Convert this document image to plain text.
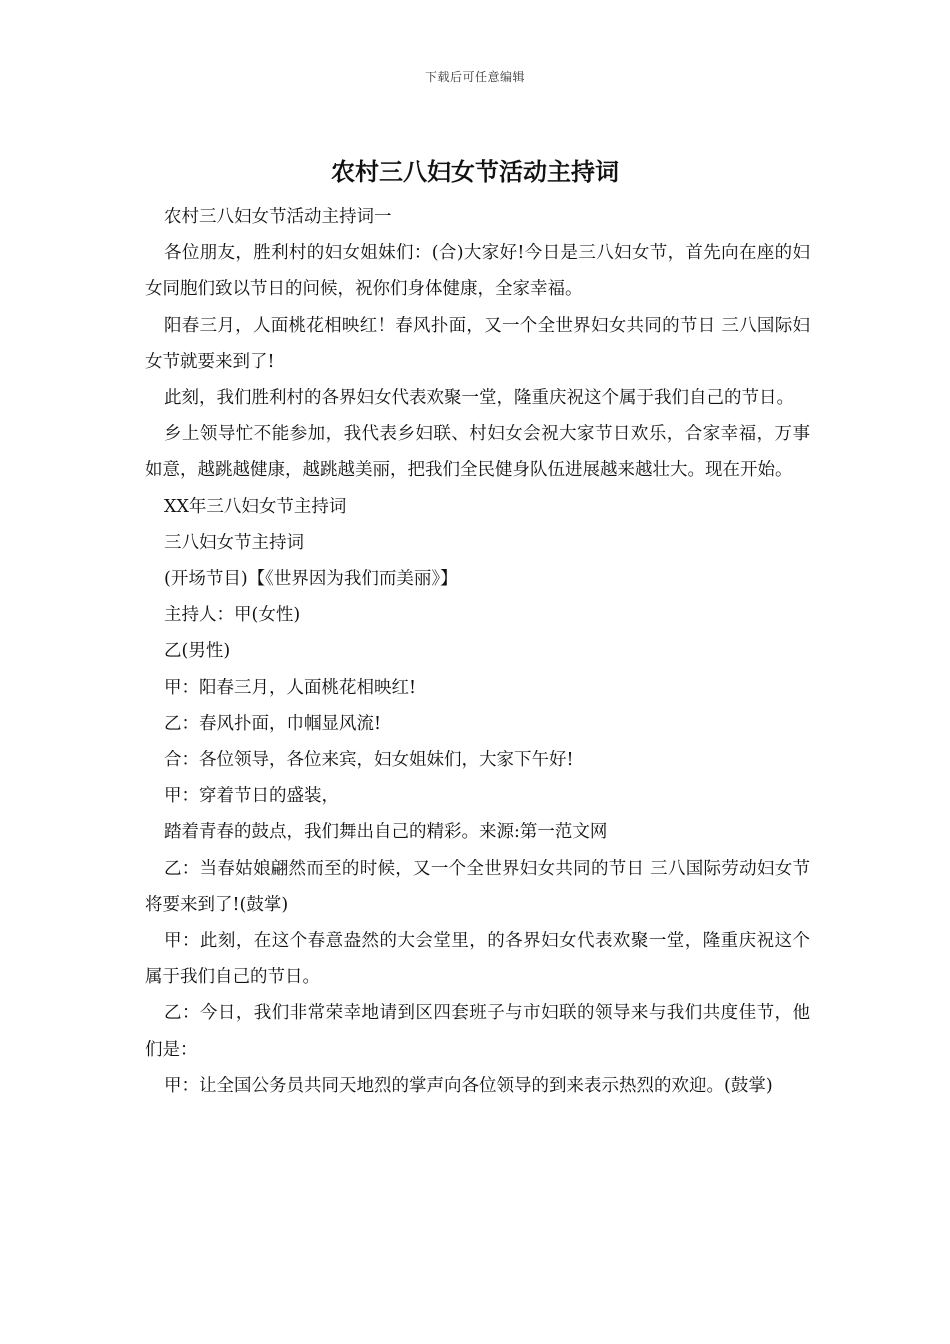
下载后可任意编辑
农村三八妇女节活动主持词

农村三八妇女节活动主持词一

各位朋友，胜利村的妇女姐妹们：(合)大家好!今日是三八妇女节，首先向在座的妇女同胞们致以节日的问候，祝你们身体健康，全家幸福。

阳春三月，人面桃花相映红！春风扑面，又一个全世界妇女共同的节日 三八国际妇女节就要来到了!

此刻，我们胜利村的各界妇女代表欢聚一堂，隆重庆祝这个属于我们自己的节日。

乡上领导忙不能参加，我代表乡妇联、村妇女会祝大家节日欢乐，合家幸福，万事如意，越跳越健康，越跳越美丽，把我们全民健身队伍进展越来越壮大。现在开始。

XX年三八妇女节主持词

三八妇女节主持词

(开场节目)【《世界因为我们而美丽》】

主持人：甲(女性)

乙(男性)

甲：阳春三月，人面桃花相映红!

乙：春风扑面，巾帼显风流!

合：各位领导，各位来宾，妇女姐妹们，大家下午好!

甲：穿着节日的盛装，

踏着青春的鼓点，我们舞出自己的精彩。来源:第一范文网

乙：当春姑娘翩然而至的时候，又一个全世界妇女共同的节日 三八国际劳动妇女节将要来到了!(鼓掌)

甲：此刻，在这个春意盎然的大会堂里，的各界妇女代表欢聚一堂，隆重庆祝这个属于我们自己的节日。

乙：今日，我们非常荣幸地请到区四套班子与市妇联的领导来与我们共度佳节，他们是：

甲：让全国公务员共同天地烈的掌声向各位领导的到来表示热烈的欢迎。(鼓掌)
